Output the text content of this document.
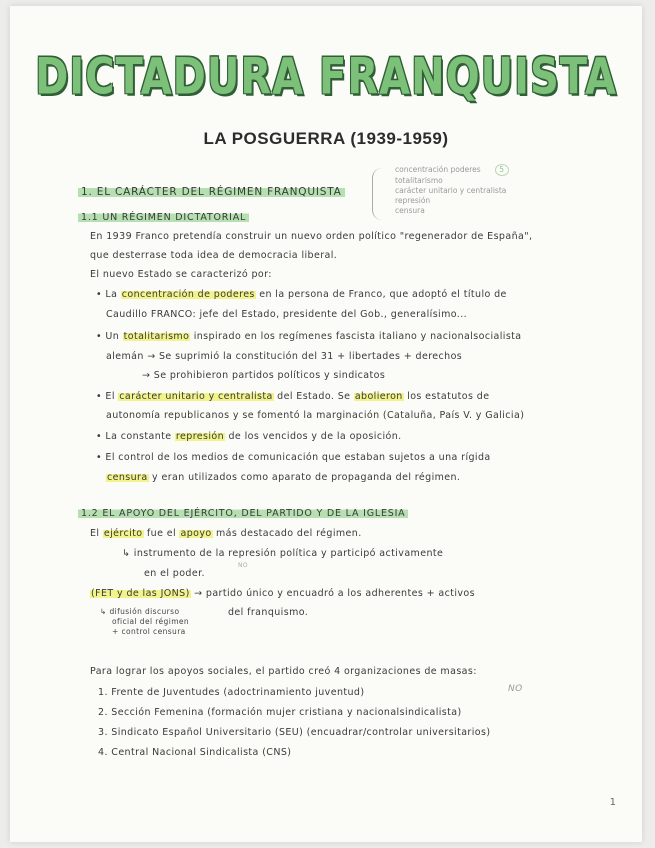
DICTADURA FRANQUISTA
LA POSGUERRA (1939-1959)
concentración poderes 5
totalitarismo
carácter unitario y centralista
represión
censura
1. EL CARÁCTER DEL RÉGIMEN FRANQUISTA
1.1 UN RÉGIMEN DICTATORIAL
En 1939 Franco pretendía construir un nuevo orden político "regenerador de España",
que desterrase toda idea de democracia liberal.
El nuevo Estado se caracterizó por:
• La concentración de poderes en la persona de Franco, que adoptó el título de
Caudillo FRANCO: jefe del Estado, presidente del Gob., generalísimo...
• Un totalitarismo inspirado en los regímenes fascista italiano y nacionalsocialista
alemán → Se suprimió la constitución del 31 + libertades + derechos
→ Se prohibieron partidos políticos y sindicatos
• El carácter unitario y centralista del Estado. Se abolieron los estatutos de
autonomía republicanos y se fomentó la marginación (Cataluña, País V. y Galicia)
• La constante represión de los vencidos y de la oposición.
• El control de los medios de comunicación que estaban sujetos a una rígida
censura y eran utilizados como aparato de propaganda del régimen.
1.2 EL APOYO DEL EJÉRCITO, DEL PARTIDO Y DE LA IGLESIA
El ejército fue el apoyo más destacado del régimen.
↳ instrumento de la represión política y participó activamente
NO
en el poder.
(FET y de las JONS) → partido único y encuadró a los adherentes + activos
↳ difusión discurso
oficial del régimen
+ control censura
del franquismo.
Para lograr los apoyos sociales, el partido creó 4 organizaciones de masas:
1. Frente de Juventudes (adoctrinamiento juventud)	NO
2. Sección Femenina (formación mujer cristiana y nacionalsindicalista)
3. Sindicato Español Universitario (SEU) (encuadrar/controlar universitarios)
4. Central Nacional Sindicalista (CNS)
1
